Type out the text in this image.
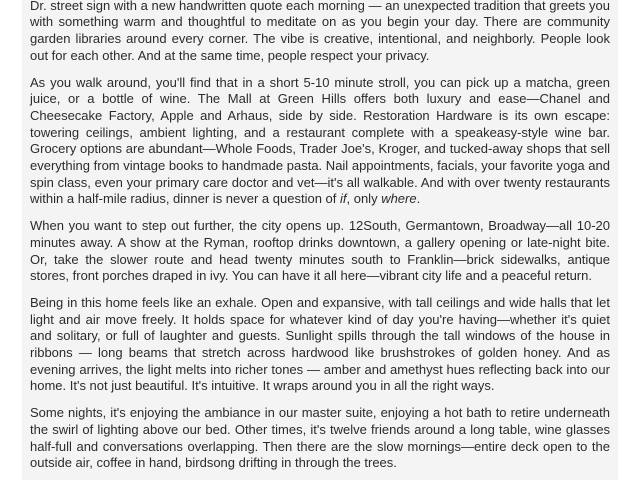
Dr. street sign with a new handwritten quote each morning — an unexpected tradition that greets you with something warm and thoughtful to meditate on as you begin your day. There are community garden libraries around every corner. The vibe is creative, intentional, and neighborly. People look out for each other. And at the same time, people respect your privacy.

As you walk around, you'll find that in a short 5-10 minute stroll, you can pick up a matcha, green juice, or a bottle of wine. The Mall at Green Hills offers both luxury and ease—Chanel and Cheesecake Factory, Apple and Arhaus, side by side. Restoration Hardware is its own escape: towering ceilings, ambient lighting, and a restaurant complete with a speakeasy-style wine bar. Grocery options are abundant—Whole Foods, Trader Joe's, Kroger, and tucked-away shops that sell everything from vintage books to handmade pasta. Nail appointments, facials, your favorite yoga and spin class, even your primary care doctor and vet—it's all walkable. And with over twenty restaurants within a half-mile radius, dinner is never a question of if, only where.

When you want to step out further, the city opens up. 12South, Germantown, Broadway—all 10-20 minutes away. A show at the Ryman, rooftop drinks downtown, a gallery opening or late-night bite. Or, take the slower route and head twenty minutes south to Franklin—brick sidewalks, antique stores, front porches draped in ivy. You can have it all here—vibrant city life and a peaceful return.

Being in this home feels like an exhale. Open and expansive, with tall ceilings and wide halls that let light and air move freely. It holds space for whatever kind of day you're having—whether it's quiet and solitary, or full of laughter and guests. Sunlight spills through the tall windows of the house in ribbons — long beams that stretch across hardwood like brushstrokes of golden honey. And as evening arrives, the light melts into richer tones — amber and amethyst hues reflecting back into our home. It's not just beautiful. It's intuitive. It wraps around you in all the right ways.

Some nights, it's enjoying the ambiance in our master suite, enjoying a hot bath to retire underneath the swirl of lighting above our bed. Other times, it's twelve friends around a long table, wine glasses half-full and conversations overlapping. Then there are the slow mornings—entire deck open to the outside air, coffee in hand, birdsong drifting in through the trees.
